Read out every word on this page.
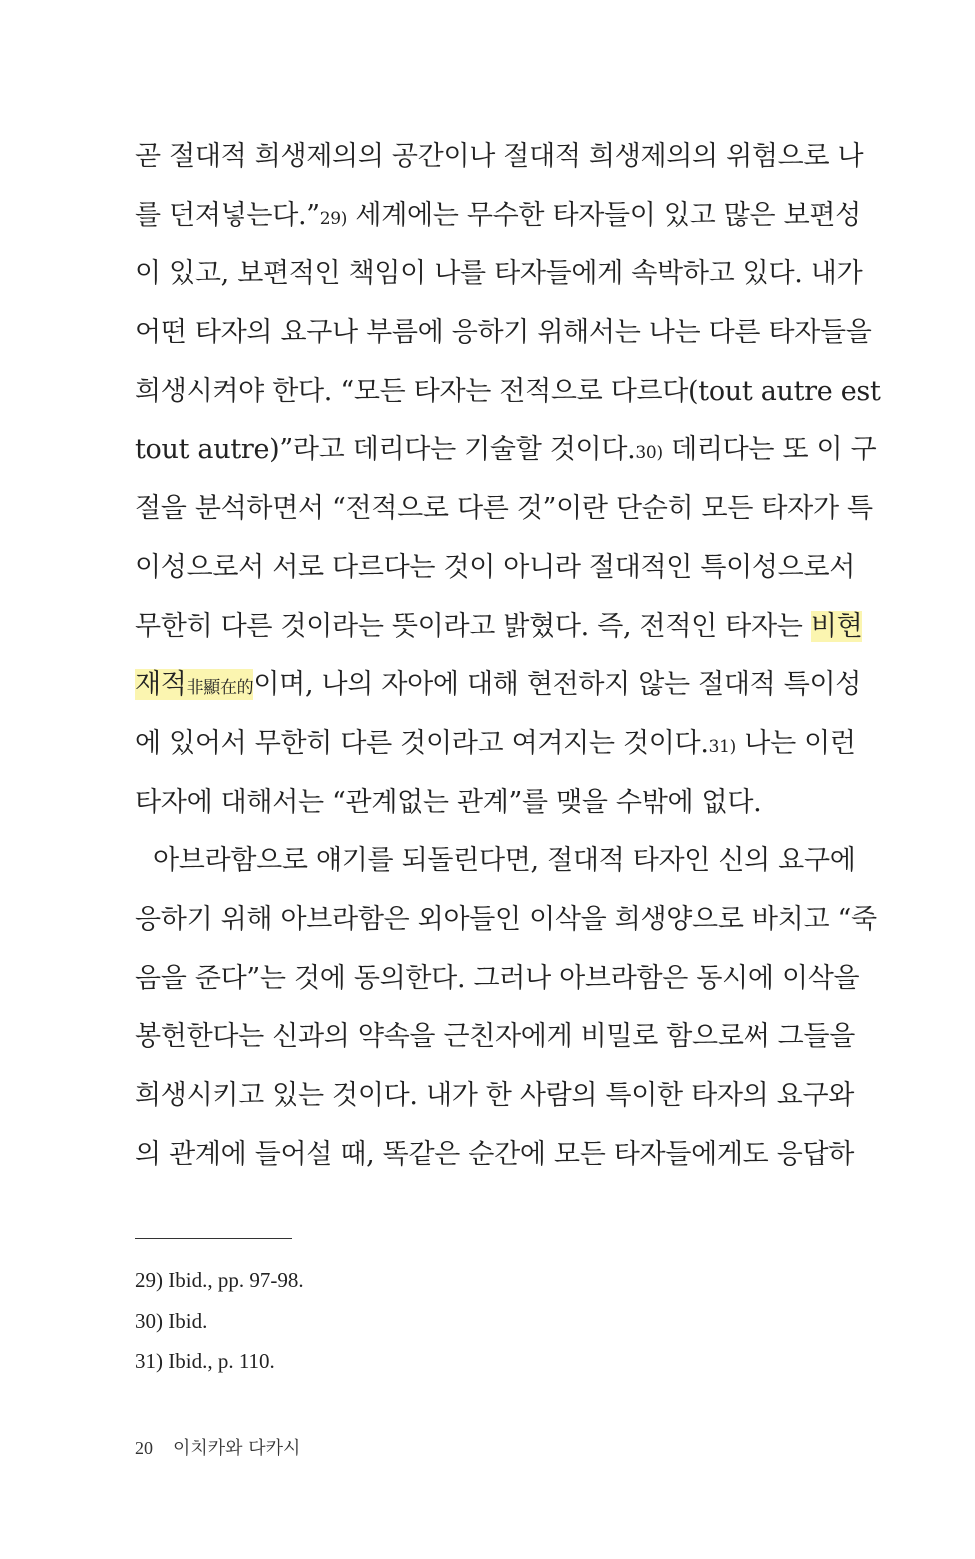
곧 절대적 희생제의의 공간이나 절대적 희생제의의 위험으로 나
를 던져넣는다.”29) 세계에는 무수한 타자들이 있고 많은 보편성
이 있고, 보편적인 책임이 나를 타자들에게 속박하고 있다. 내가
어떤 타자의 요구나 부름에 응하기 위해서는 나는 다른 타자들을
희생시켜야 한다. “모든 타자는 전적으로 다르다(tout autre est
tout autre)”라고 데리다는 기술할 것이다.30) 데리다는 또 이 구
절을 분석하면서 “전적으로 다른 것”이란 단순히 모든 타자가 특
이성으로서 서로 다르다는 것이 아니라 절대적인 특이성으로서
무한히 다른 것이라는 뜻이라고 밝혔다. 즉, 전적인 타자는 비현
재적非顯在的이며, 나의 자아에 대해 현전하지 않는 절대적 특이성
에 있어서 무한히 다른 것이라고 여겨지는 것이다.31) 나는 이런
타자에 대해서는 “관계없는 관계”를 맺을 수밖에 없다.
아브라함으로 얘기를 되돌린다면, 절대적 타자인 신의 요구에
응하기 위해 아브라함은 외아들인 이삭을 희생양으로 바치고 “죽
음을 준다”는 것에 동의한다. 그러나 아브라함은 동시에 이삭을
봉헌한다는 신과의 약속을 근친자에게 비밀로 함으로써 그들을
희생시키고 있는 것이다. 내가 한 사람의 특이한 타자의 요구와
의 관계에 들어설 때, 똑같은 순간에 모든 타자들에게도 응답하
29) Ibid., pp. 97-98.
30) Ibid.
31) Ibid., p. 110.
20 이치카와 다카시
